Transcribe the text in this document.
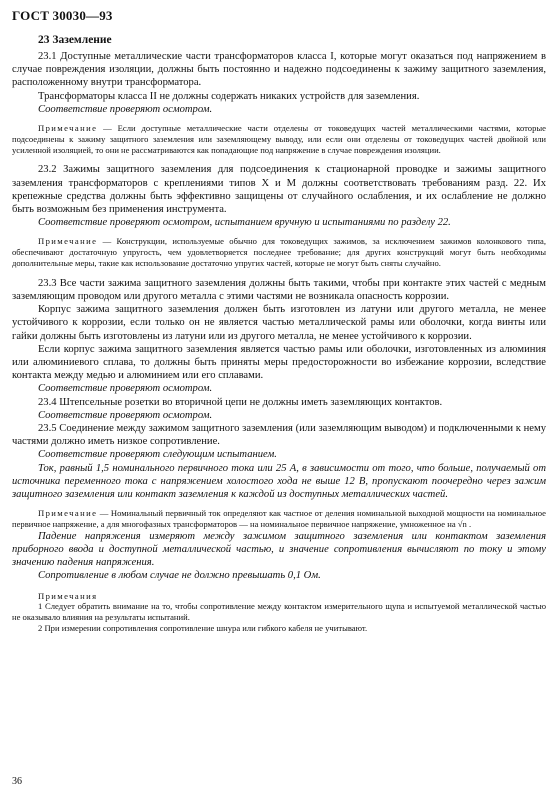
ГОСТ 30030—93
23 Заземление

23.1 Доступные металлические части трансформаторов класса I, которые могут оказаться под напряжением в случае повреждения изоляции, должны быть постоянно и надежно подсоединены к зажиму защитного заземления, расположенному внутри трансформатора.

Трансформаторы класса II не должны содержать никаких устройств для заземления.

Соответствие проверяют осмотром.

Примечание — Если доступные металлические части отделены от токоведущих частей металлическими частями, которые подсоединены к зажиму защитного заземления или заземляющему выводу, или если они отделены от токоведущих частей двойной или усиленной изоляцией, то они не рассматриваются как попадающие под напряжение в случае повреждения изоляции.

23.2 Зажимы защитного заземления для подсоединения к стационарной проводке и зажимы защитного заземления трансформаторов с креплениями типов X и M должны соответствовать требованиям разд. 22. Их крепежные средства должны быть эффективно защищены от случайного ослабления, и их ослабление не должно быть возможным без применения инструмента.

Соответствие проверяют осмотром, испытанием вручную и испытаниями по разделу 22.

Примечание — Конструкции, используемые обычно для токоведущих зажимов, за исключением зажимов колонкового типа, обеспечивают достаточную упругость, чем удовлетворяется последнее требование; для других конструкций могут быть необходимы дополнительные меры, такие как использование достаточно упругих частей, которые не могут быть сняты случайно.

23.3 Все части зажима защитного заземления должны быть такими, чтобы при контакте этих частей с медным заземляющим проводом или другого металла с этими частями не возникала опасность коррозии.

Корпус зажима защитного заземления должен быть изготовлен из латуни или другого металла, не менее устойчивого к коррозии, если только он не является частью металлической рамы или оболочки, когда винты или гайки должны быть изготовлены из латуни или из другого металла, не менее устойчивого к коррозии.

Если корпус зажима защитного заземления является частью рамы или оболочки, изготовленных из алюминия или алюминиевого сплава, то должны быть приняты меры предосторожности во избежание коррозии, вследствие контакта между медью и алюминием или его сплавами.

Соответствие проверяют осмотром.

23.4 Штепсельные розетки во вторичной цепи не должны иметь заземляющих контактов.

Соответствие проверяют осмотром.

23.5 Соединение между зажимом защитного заземления (или заземляющим выводом) и подключенными к нему частями должно иметь низкое сопротивление.

Соответствие проверяют следующим испытанием.

Ток, равный 1,5 номинального первичного тока или 25 А, в зависимости от того, что больше, получаемый от источника переменного тока с напряжением холостого хода не выше 12 В, пропускают поочередно через зажим защитного заземления или контакт заземления к каждой из доступных металлических частей.

Примечание — Номинальный первичный ток определяют как частное от деления номинальной выходной мощности на номинальное первичное напряжение, а для многофазных трансформаторов — на номинальное первичное напряжение, умноженное на √n .

Падение напряжения измеряют между зажимом защитного заземления или контактом заземления приборного ввода и доступной металлической частью, и значение сопротивления вычисляют по току и этому значению падения напряжения.

Сопротивление в любом случае не должно превышать 0,1 Ом.

Примечания

1 Следует обратить внимание на то, чтобы сопротивление между контактом измерительного щупа и испытуемой металлической частью не оказывало влияния на результаты испытаний.

2 При измерении сопротивления сопротивление шнура или гибкого кабеля не учитывают.

36
